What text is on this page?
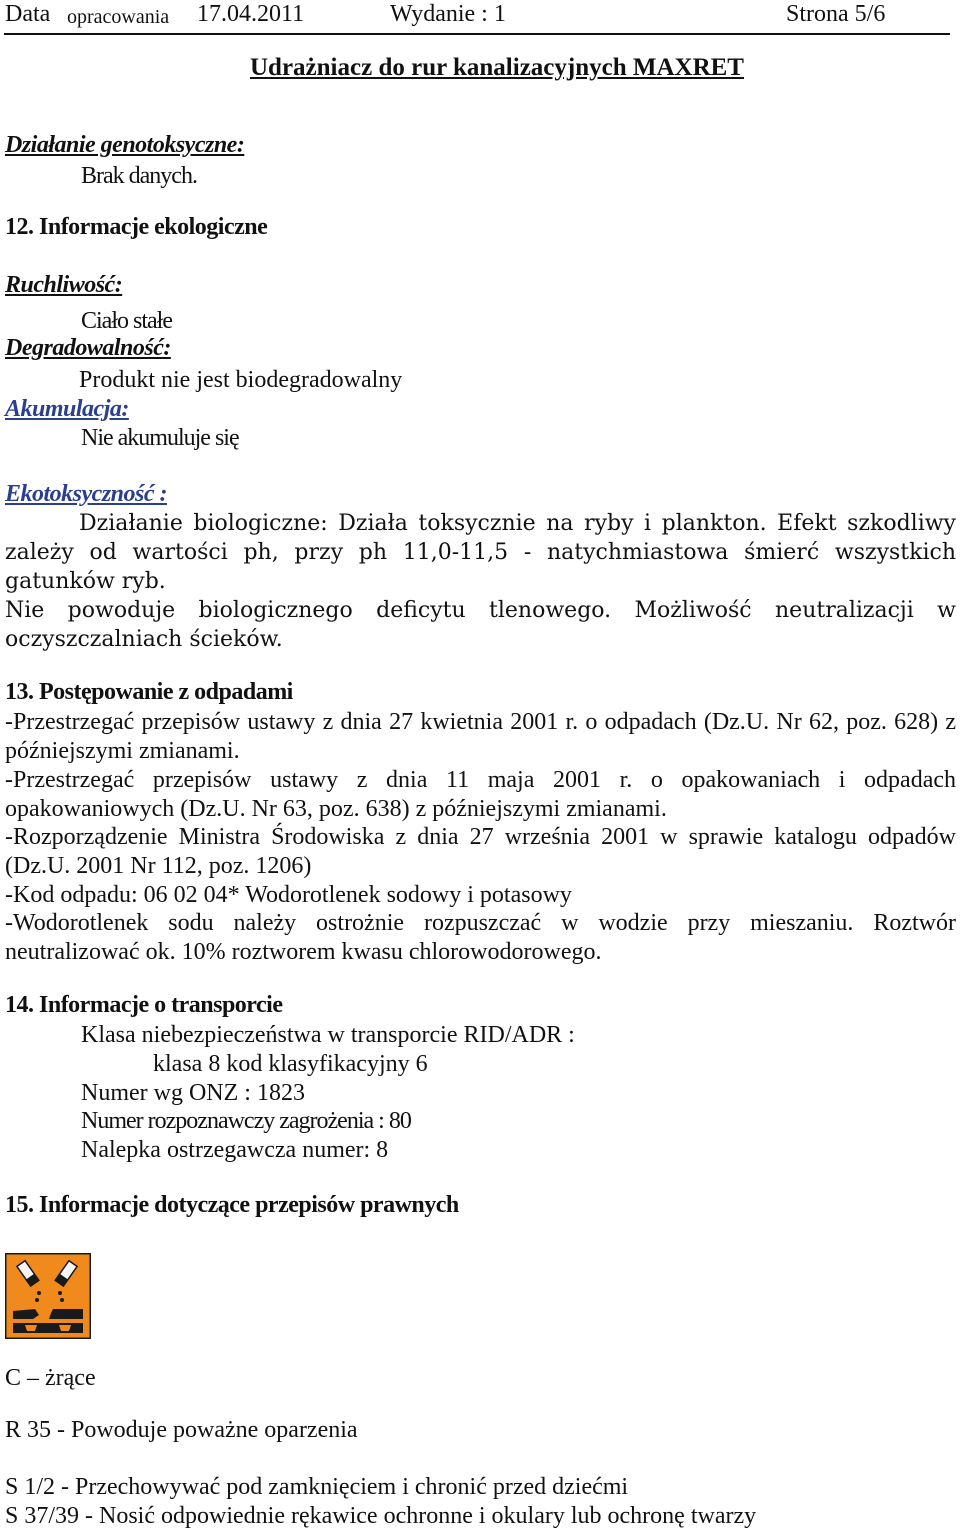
Data opracowania 17.04.2011	Wydanie : 1	Strona 5/6
Udrażniacz do rur kanalizacyjnych MAXRET
Działanie genotoksyczne:
Brak danych.
12. Informacje ekologiczne
Ruchliwość:
Ciało stałe
Degradowalność:
Produkt nie jest biodegradowalny
Akumulacja:
Nie akumuluje się
Ekotoksyczność :
Działanie biologiczne: Działa toksycznie na ryby i plankton. Efekt szkodliwy zależy od wartości ph, przy ph 11,0-11,5 - natychmiastowa śmierć wszystkich gatunków ryb.
Nie powoduje biologicznego deficytu tlenowego. Możliwość neutralizacji w oczyszczalniach ścieków.
13. Postępowanie z odpadami
-Przestrzegać przepisów ustawy z dnia 27 kwietnia 2001 r. o odpadach (Dz.U. Nr 62, poz. 628) z późniejszymi zmianami.
-Przestrzegać przepisów ustawy z dnia 11 maja 2001 r. o opakowaniach i odpadach opakowaniowych (Dz.U. Nr 63, poz. 638) z późniejszymi zmianami.
-Rozporządzenie Ministra Środowiska z dnia 27 września 2001 w sprawie katalogu odpadów (Dz.U. 2001 Nr 112, poz. 1206)
-Kod odpadu: 06 02 04* Wodorotlenek sodowy i potasowy
-Wodorotlenek sodu należy ostrożnie rozpuszczać w wodzie przy mieszaniu. Roztwór neutralizować ok. 10% roztworem kwasu chlorowodorowego.
14. Informacje o transporcie
Klasa niebezpieczeństwa w transporcie RID/ADR :
klasa 8 kod klasyfikacyjny 6
Numer wg ONZ : 1823
Numer rozpoznawczy zagrożenia : 80
Nalepka ostrzegawcza numer: 8
15. Informacje dotyczące przepisów prawnych
C – żrące
R 35 - Powoduje poważne oparzenia
S 1/2 - Przechowywać pod zamknięciem i chronić przed dziećmi
S 37/39 - Nosić odpowiednie rękawice ochronne i okulary lub ochronę twarzy
